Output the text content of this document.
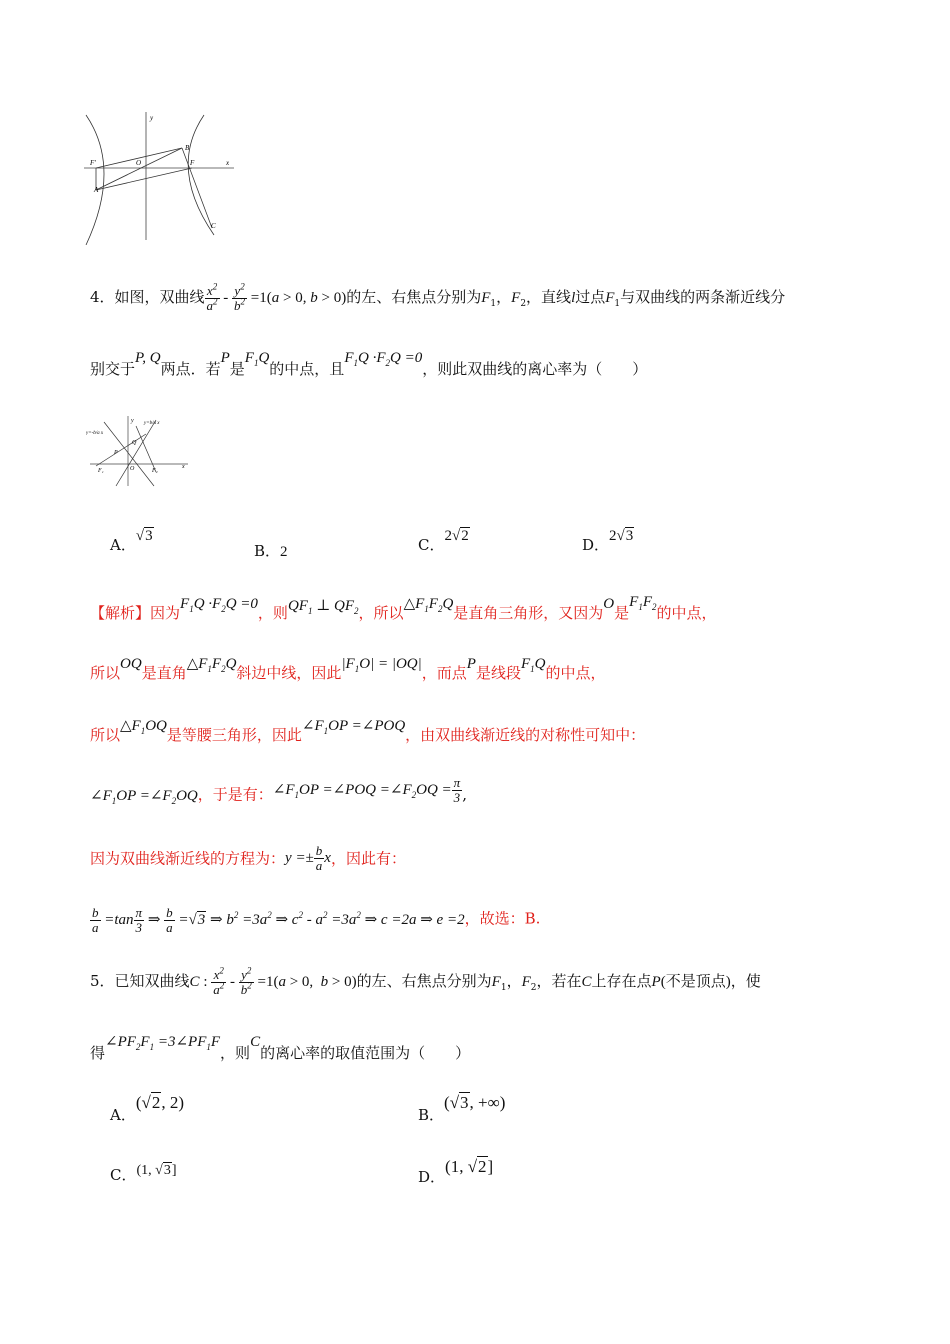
y
x
O
F'	F
A
B
C
4．如图，双曲线 $\frac{x^2}{a^2} - \frac{y^2}{b^2} =1(a > 0$, b > 0)的左、右焦点分别为$F_1$，$F_2$，直线l过点$F_1$与双曲线的两条渐近线分
别交于P, Q两点．若P是$F_1Q$的中点，且$F_1Q \cdot F_2Q =0$，则此双曲线的离心率为（　　）
y
x
O
P
Q
F₁	F₂
y=-b/a x
y=b/a x
A．√3
B．2	C．2√2	D．2√3
【解析】因为$F_1Q \cdot F_2Q =0$，则$QF_1$ ⊥ $QF_2$，所以$\triangle F_1F_2Q$是直角三角形，又因为O是$F_1F_2$的中点，
所以OQ是直角$\triangle F_1F_2Q$斜边中线，因此$|F_1O| = |OQ|$，而点P是线段$F_1Q$的中点，
所以$\triangle F_1OQ$是等腰三角形，因此$\angle F_1OP$ =∠POQ，由双曲线渐近线的对称性可知中：
$\angle F_1OP$ $=\angle F_2OQ$，于是有：$\angle F_1OP$ =∠POQ $=\angle F_2OQ = \frac{\pi}{3}$ ,
因为双曲线渐近线的方程为：$y =\pm \frac{b}{a}$ x，因此有：
$\frac{b}{a} =\tan \frac{\pi}{3}$ ⇒ $\frac{b}{a} =√3$ ⇒ $b^2 =3a^2$ ⇒ $c^2 - a^2 =3a^2$ ⇒ c =2a ⇒ e =2，故选：B.
5．已知双曲线C : $\frac{x^2}{a^2} - \frac{y^2}{b^2} =1(a > 0$,  b > 0)的左、右焦点分别为$F_1$，$F_2$，若在C上存在点P(不是顶点)，使
得$\angle PF_2F_1$ $=3\angle PF_1F$，则C的离心率的取值范围为（　　）
A．(√2, 2)
B．(√3, +∞)
C．(1, √3]	D．(1, √2]
